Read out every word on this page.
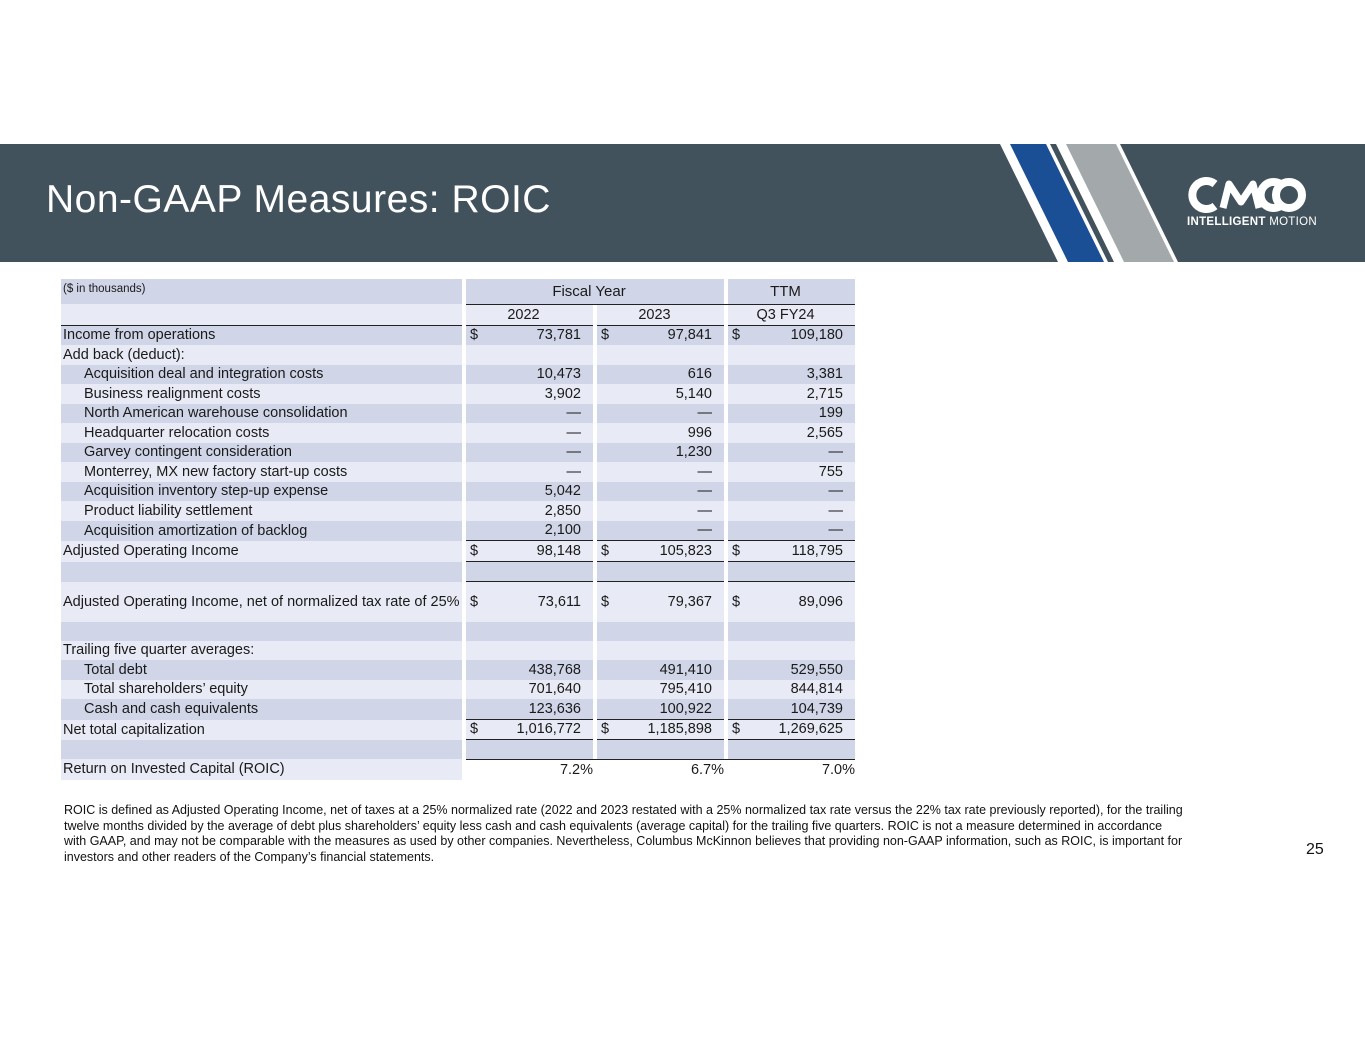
Non-GAAP Measures: ROIC
INTELLIGENT MOTION
($ in thousands)		Fiscal Year				TTM
		2022		2023		Q3 FY24
Income from operations		$ 73,781		$ 97,841		$ 109,180
Add back (deduct):						
Acquisition deal and integration costs		10,473		616		3,381
Business realignment costs		3,902		5,140		2,715
North American warehouse consolidation		—		—		199
Headquarter relocation costs		—		996		2,565
Garvey contingent consideration		—		1,230		—
Monterrey, MX new factory start-up costs		—		—		755
Acquisition inventory step-up expense		5,042		—		—
Product liability settlement		2,850		—		—
Acquisition amortization of backlog		2,100		—		—
Adjusted Operating Income		$ 98,148		$ 105,823		$ 118,795

Adjusted Operating Income, net of normalized tax rate of 25%		$ 73,611		$ 79,367		$ 89,096

Trailing five quarter averages:						
Total debt		438,768		491,410		529,550
Total shareholders’ equity		701,640		795,410		844,814
Cash and cash equivalents		123,636		100,922		104,739
Net total capitalization		$ 1,016,772		$ 1,185,898		$ 1,269,625

Return on Invested Capital (ROIC)		7.2%		6.7%		7.0%
ROIC is defined as Adjusted Operating Income, net of taxes at a 25% normalized rate (2022 and 2023 restated with a 25% normalized tax rate versus the 22% tax rate previously reported), for the trailing twelve months divided by the average of debt plus shareholders’ equity less cash and cash equivalents (average capital) for the trailing five quarters. ROIC is not a measure determined in accordance with GAAP, and may not be comparable with the measures as used by other companies. Nevertheless, Columbus McKinnon believes that providing non-GAAP information, such as ROIC, is important for investors and other readers of the Company’s financial statements.	25
